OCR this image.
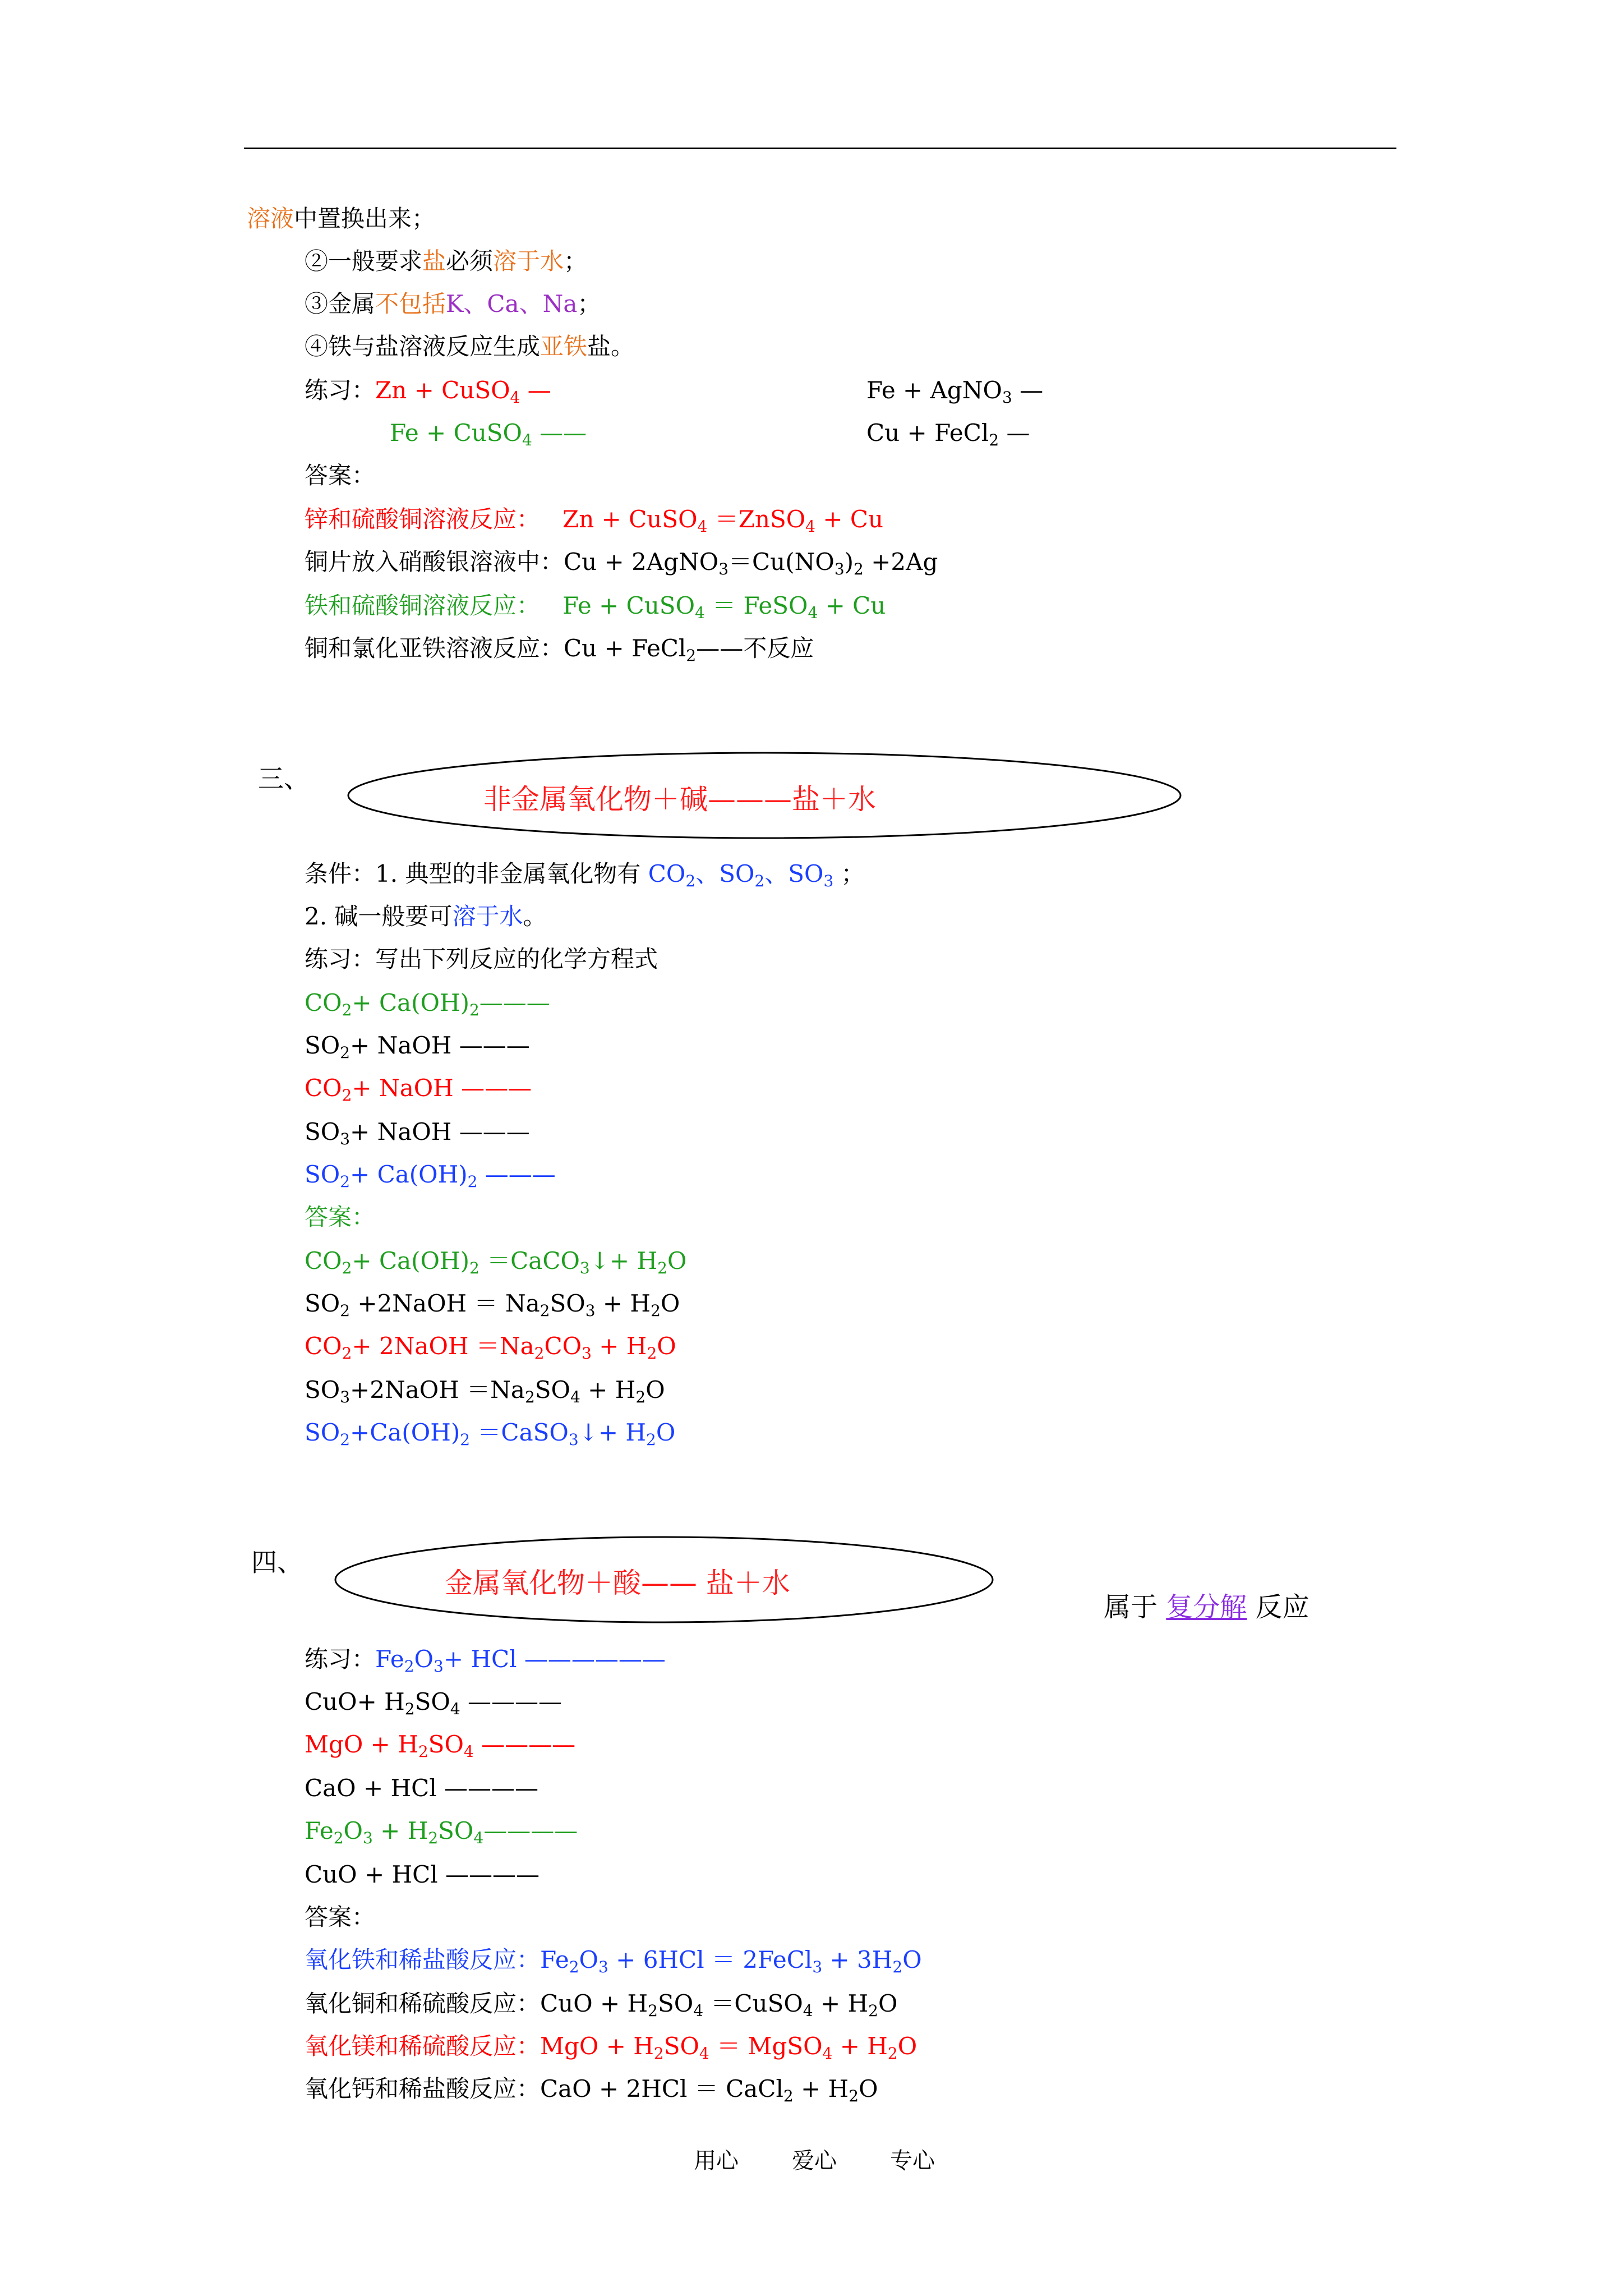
溶液中置换出来；
②一般要求盐必须溶于水；
③金属不包括K、Ca、Na；
④铁与盐溶液反应生成亚铁盐。
练习：Zn + CuSO$_4$ —	Fe + AgNO$_3$ —
Fe + CuSO$_4$ ——	Cu + FeCl$_2$ —
答案：
锌和硫酸铜溶液反应： Zn + CuSO$_4$ ＝ZnSO$_4$ + Cu
铜片放入硝酸银溶液中：$Cu + 2AgNO_3=Cu(NO_3)_2 +2Ag$
铁和硫酸铜溶液反应： Fe + CuSO$_4$ ＝ FeSO$_4$ + Cu
铜和氯化亚铁溶液反应：Cu + FeCl$_2$——不反应
三、
非金属氧化物＋碱———盐＋水
条件：1. 典型的非金属氧化物有 $CO_2$、$SO_2$、$SO_3$ ；
2. 碱一般要可溶于水。
练习：写出下列反应的化学方程式
$CO_2+$ $Ca(OH)_2———$
$SO_2+$ NaOH ———
$CO_2+$ NaOH ———
$SO_3+$ NaOH ———
$SO_2+ Ca(OH)_2$ ———
答案：
$CO_2+ Ca(OH)_2$ ＝CaCO$_3$↓+ $H_2O$
$SO_2$ +2NaOH ＝ $Na_2SO_3 + H_2O$
$CO_2+$ 2NaOH $=Na_2CO_3 + H_2O$
$SO_3+2NaOH =Na_2SO_4 + H_2O$
$SO_2+Ca(OH)_2$ ＝CaSO$_3$↓+ $H_2O$
四、
金属氧化物＋酸—— 盐＋水
属于 复分解 反应
练习：$Fe_2O_3+$ HCl ——————
$CuO+ H_2SO_4$ ————
MgO + $H_2SO_4$ ————
CaO + HCl ————
$Fe_2O_3$ + $H_2SO_4————$
CuO + HCl ————
答案：
氧化铁和稀盐酸反应：$Fe_2O_3 + 6HCl$ ＝ 2FeCl$_3$ + $3H_2O$
氧化铜和稀硫酸反应：CuO + $H_2SO_4$ ＝CuSO$_4$ + $H_2O$
氧化镁和稀硫酸反应：MgO + $H_2SO_4$ ＝ MgSO$_4$ + $H_2O$
氧化钙和稀盐酸反应：CaO + 2HCl ＝ CaCl$_2$ + $H_2O$
用心 爱心 专心
